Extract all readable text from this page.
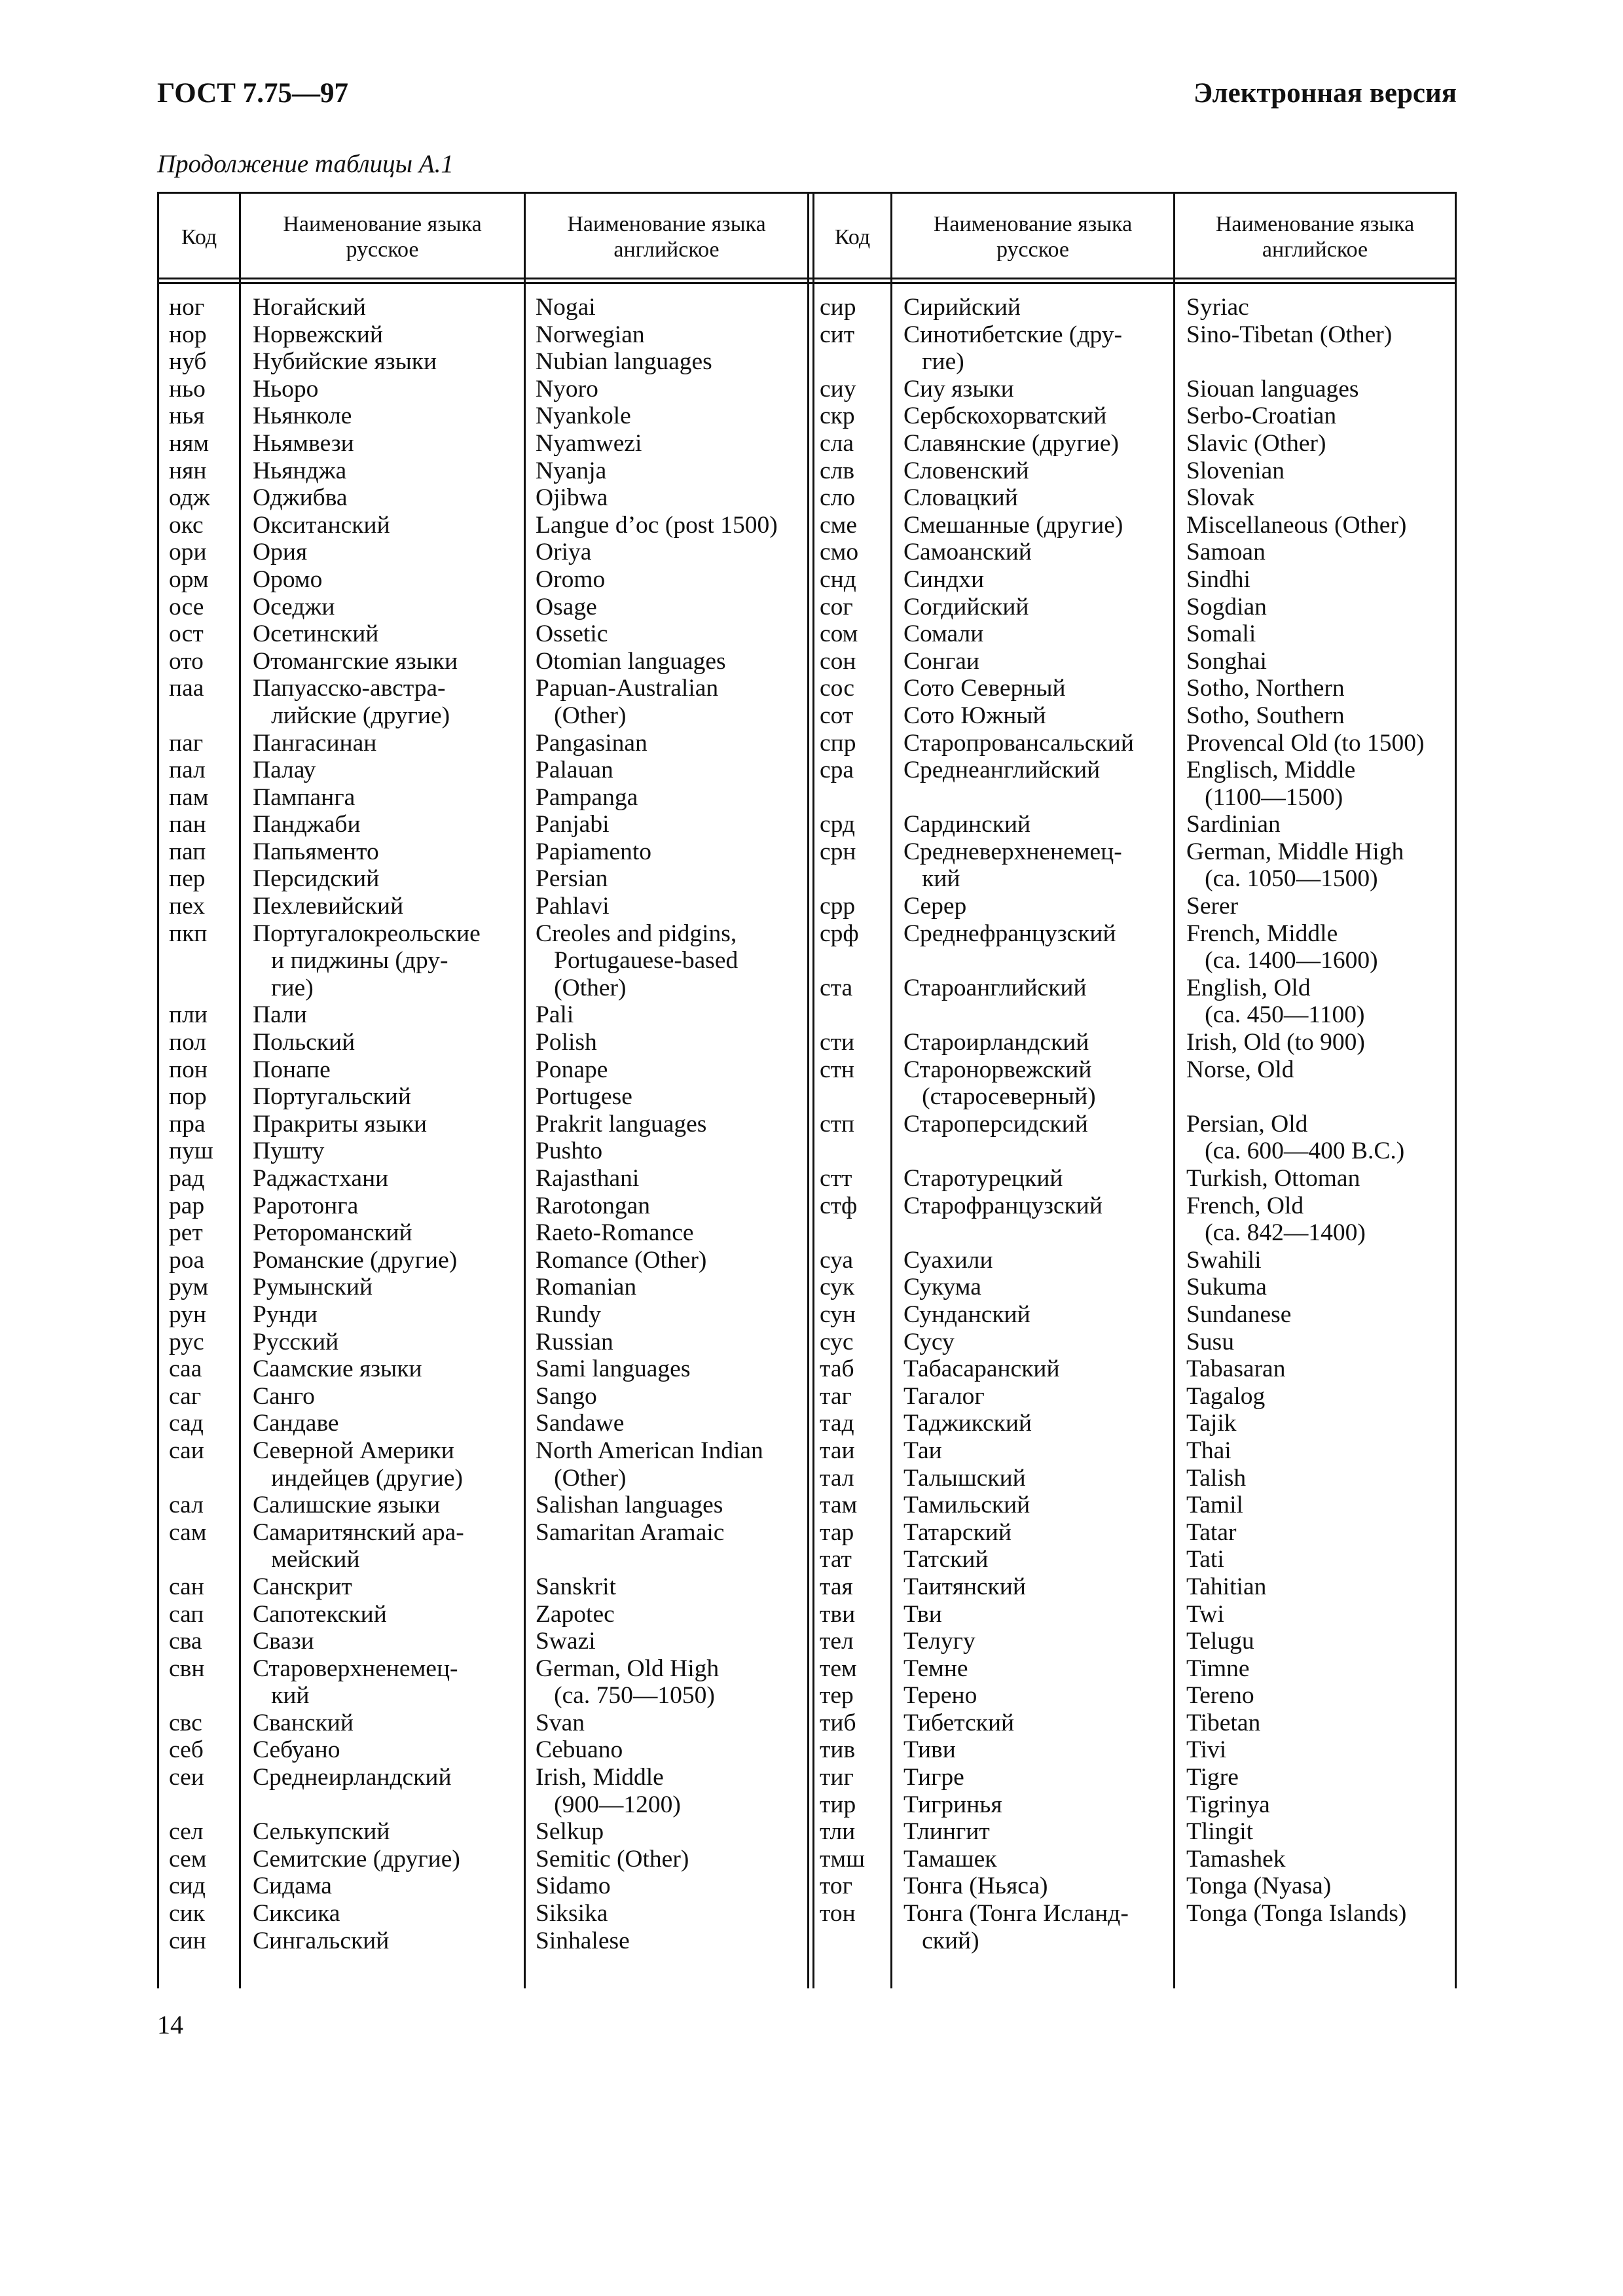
ГОСТ 7.75—97	Электронная версия
Продолжение таблицы А.1
Код
Наименование языка
русское
Наименование языка
английское
Код
Наименование языка
русское
Наименование языка
английское
ног
нор
нуб
ньо
нья
ням
нян
одж
окс
ори
орм
осе
ост
ото
паа

паг
пал
пам
пан
пап
пер
пех
пкп

пли
пол
пон
пор
пра
пуш
рад
рар
рет
роа
рум
рун
рус
саа
саг
сад
саи

сал
сам

сан
сап
сва
свн

свс
себ
сеи

сел
сем
сид
сик
син
Ногайский
Норвежский
Нубийские языки
Ньоро
Ньянколе
Ньямвези
Ньянджа
Оджибва
Окситанский
Ория
Оромо
Оседжи
Осетинский
Отомангские языки
Папуасско-австра-
лийские (другие)
Пангасинан
Палау
Пампанга
Панджаби
Папьяменто
Персидский
Пехлевийский
Португалокреольские
и пиджины (дру-
гие)
Пали
Польский
Понапе
Португальский
Пракриты языки
Пушту
Раджастхани
Раротонга
Ретороманский
Романские (другие)
Румынский
Рунди
Русский
Саамские языки
Санго
Сандаве
Северной Америки
индейцев (другие)
Салишские языки
Самаритянский ара-
мейский
Санскрит
Сапотекский
Свази
Староверхненемец-
кий
Сванский
Себуано
Среднеирландский

Селькупский
Семитские (другие)
Сидама
Сиксика
Сингальский
Nogai
Norwegian
Nubian languages
Nyoro
Nyankole
Nyamwezi
Nyanja
Ojibwa
Langue d’oc (post 1500)
Oriya
Oromo
Osage
Ossetic
Otomian languages
Papuan-Australian
(Other)
Pangasinan
Palauan
Pampanga
Panjabi
Papiamento
Persian
Pahlavi
Creoles and pidgins,
Portugauese-based
(Other)
Pali
Polish
Ponape
Portugese
Prakrit languages
Pushto
Rajasthani
Rarotongan
Raeto-Romance
Romance (Other)
Romanian
Rundy
Russian
Sami languages
Sango
Sandawe
North American Indian
(Other)
Salishan languages
Samaritan Aramaic

Sanskrit
Zapotec
Swazi
German, Old High
(ca. 750—1050)
Svan
Cebuano
Irish, Middle
(900—1200)
Selkup
Semitic (Other)
Sidamo
Siksika
Sinhalese
сир
сит

сиу
скр
сла
слв
сло
сме
смо
снд
сог
сом
сон
сос
сот
спр
сра

срд
срн

срр
срф

ста

сти
стн

стп

стт
стф

суа
сук
сун
сус
таб
таг
тад
таи
тал
там
тар
тат
тая
тви
тел
тем
тер
тиб
тив
тиг
тир
тли
тмш
тог
тон
Сирийский
Синотибетские (дру-
гие)
Сиу языки
Сербскохорватский
Славянские (другие)
Словенский
Словацкий
Смешанные (другие)
Самоанский
Синдхи
Согдийский
Сомали
Сонгаи
Сото Северный
Сото Южный
Старопровансальский
Среднеанглийский

Сардинский
Средневерхненемец-
кий
Серер
Среднефранцузский

Староанглийский

Староирландский
Старонорвежский
(старосеверный)
Староперсидский

Старотурецкий
Старофранцузский

Суахили
Сукума
Сунданский
Сусу
Табасаранский
Тагалог
Таджикский
Таи
Талышский
Тамильский
Татарский
Татский
Таитянский
Тви
Телугу
Темне
Терено
Тибетский
Тиви
Тигре
Тигринья
Тлингит
Тамашек
Тонга (Ньяса)
Тонга (Тонга Исланд-
ский)
Syriac
Sino-Tibetan (Other)

Siouan languages
Serbo-Croatian
Slavic (Other)
Slovenian
Slovak
Miscellaneous (Other)
Samoan
Sindhi
Sogdian
Somali
Songhai
Sotho, Northern
Sotho, Southern
Provencal Old (to 1500)
Englisch, Middle
(1100—1500)
Sardinian
German, Middle High
(ca. 1050—1500)
Serer
French, Middle
(ca. 1400—1600)
English, Old
(ca. 450—1100)
Irish, Old (to 900)
Norse, Old

Persian, Old
(ca. 600—400 B.C.)
Turkish, Ottoman
French, Old
(ca. 842—1400)
Swahili
Sukuma
Sundanese
Susu
Tabasaran
Tagalog
Tajik
Thai
Talish
Tamil
Tatar
Tati
Tahitian
Twi
Telugu
Timne
Tereno
Tibetan
Tivi
Tigre
Tigrinya
Tlingit
Tamashek
Tonga (Nyasa)
Tonga (Tonga Islands)
14
